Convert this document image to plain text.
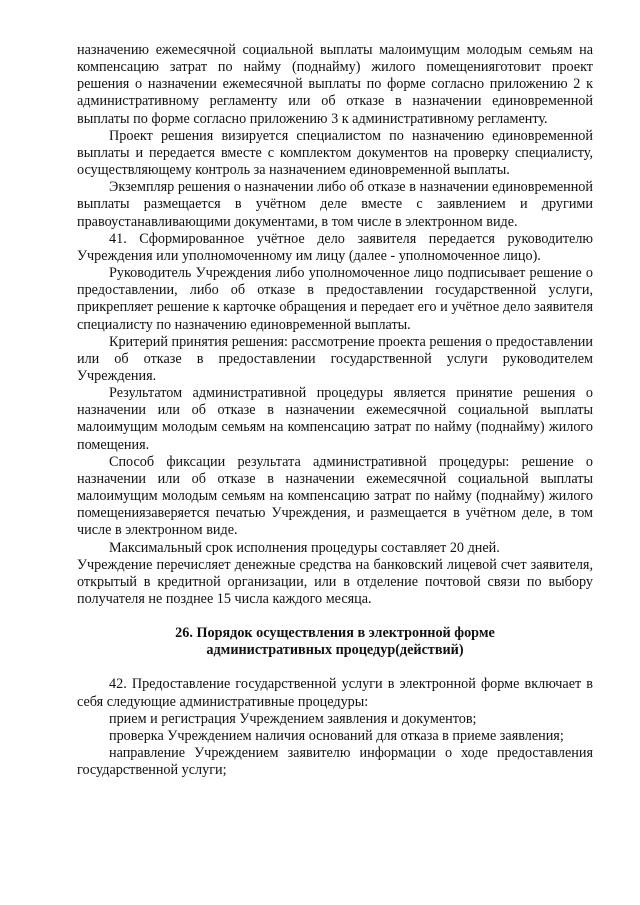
назначению ежемесячной социальной выплаты малоимущим молодым семьям на компенсацию затрат по найму (поднайму) жилого помещенияготовит проект решения о назначении ежемесячной выплаты по форме согласно приложению 2 к административному регламенту или об отказе в назначении единовременной выплаты по форме согласно приложению 3 к административному регламенту.

Проект решения визируется специалистом по назначению единовременной выплаты и передается вместе с комплектом документов на проверку специалисту, осуществляющему контроль за назначением единовременной выплаты.

Экземпляр решения о назначении либо об отказе в назначении единовременной выплаты размещается в учётном деле вместе с заявлением и другими правоустанавливающими документами, в том числе в электронном виде.

41. Сформированное учётное дело заявителя передается руководителю Учреждения или уполномоченному им лицу (далее - уполномоченное лицо).

Руководитель Учреждения либо уполномоченное лицо подписывает решение о предоставлении, либо об отказе в предоставлении государственной услуги, прикрепляет решение к карточке обращения и передает его и учётное дело заявителя специалисту по назначению единовременной выплаты.

Критерий принятия решения: рассмотрение проекта решения о предоставлении или об отказе в предоставлении государственной услуги руководителем Учреждения.

Результатом административной процедуры является принятие решения о назначении или об отказе в назначении ежемесячной социальной выплаты малоимущим молодым семьям на компенсацию затрат по найму (поднайму) жилого помещения.

Способ фиксации результата административной процедуры: решение о назначении или об отказе в назначении ежемесячной социальной выплаты малоимущим молодым семьям на компенсацию затрат по найму (поднайму) жилого помещениязаверяется печатью Учреждения, и размещается в учётном деле, в том числе в электронном виде.

Максимальный срок исполнения процедуры составляет 20 дней.

Учреждение перечисляет денежные средства на банковский лицевой счет заявителя, открытый в кредитной организации, или в отделение почтовой связи по выбору получателя не позднее 15 числа каждого месяца.

26. Порядок осуществления в электронной форме

административных процедур(действий)

42. Предоставление государственной услуги в электронной форме включает в себя следующие административные процедуры:

прием и регистрация Учреждением заявления и документов;

проверка Учреждением наличия оснований для отказа в приеме заявления;

направление Учреждением заявителю информации о ходе предоставления государственной услуги;
